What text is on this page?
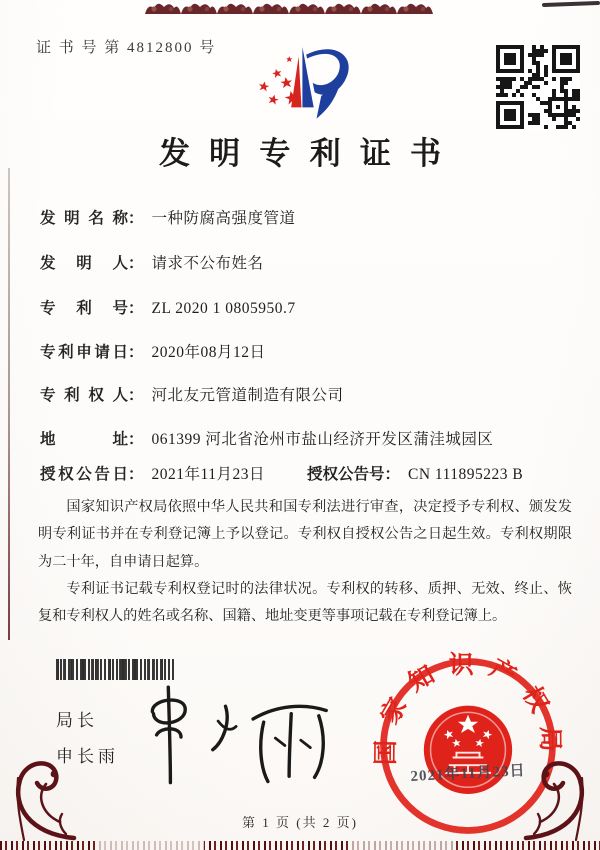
证 书 号 第 4812800 号
发明专利证书
发明名称： 一种防腐高强度管道
发明人： 请求不公布姓名
专利号： ZL 2020 1 0805950.7
专利申请日： 2020年08月12日
专利权人： 河北友元管道制造有限公司
地址： 061399 河北省沧州市盐山经济开发区蒲洼城园区
授权公告日： 2021年11月23日	授权公告号： CN 111895223 B

国家知识产权局依照中华人民共和国专利法进行审查，决定授予专利权、颁发发明专利证书并在专利登记簿上予以登记。专利权自授权公告之日起生效。专利权期限为二十年，自申请日起算。

专利证书记载专利权登记时的法律状况。专利权的转移、质押、无效、终止、恢复和专利权人的姓名或名称、国籍、地址变更等事项记载在专利登记簿上。

局长
申长雨	国家知识产权局
2021年11月23日
第 1 页 (共 2 页)
